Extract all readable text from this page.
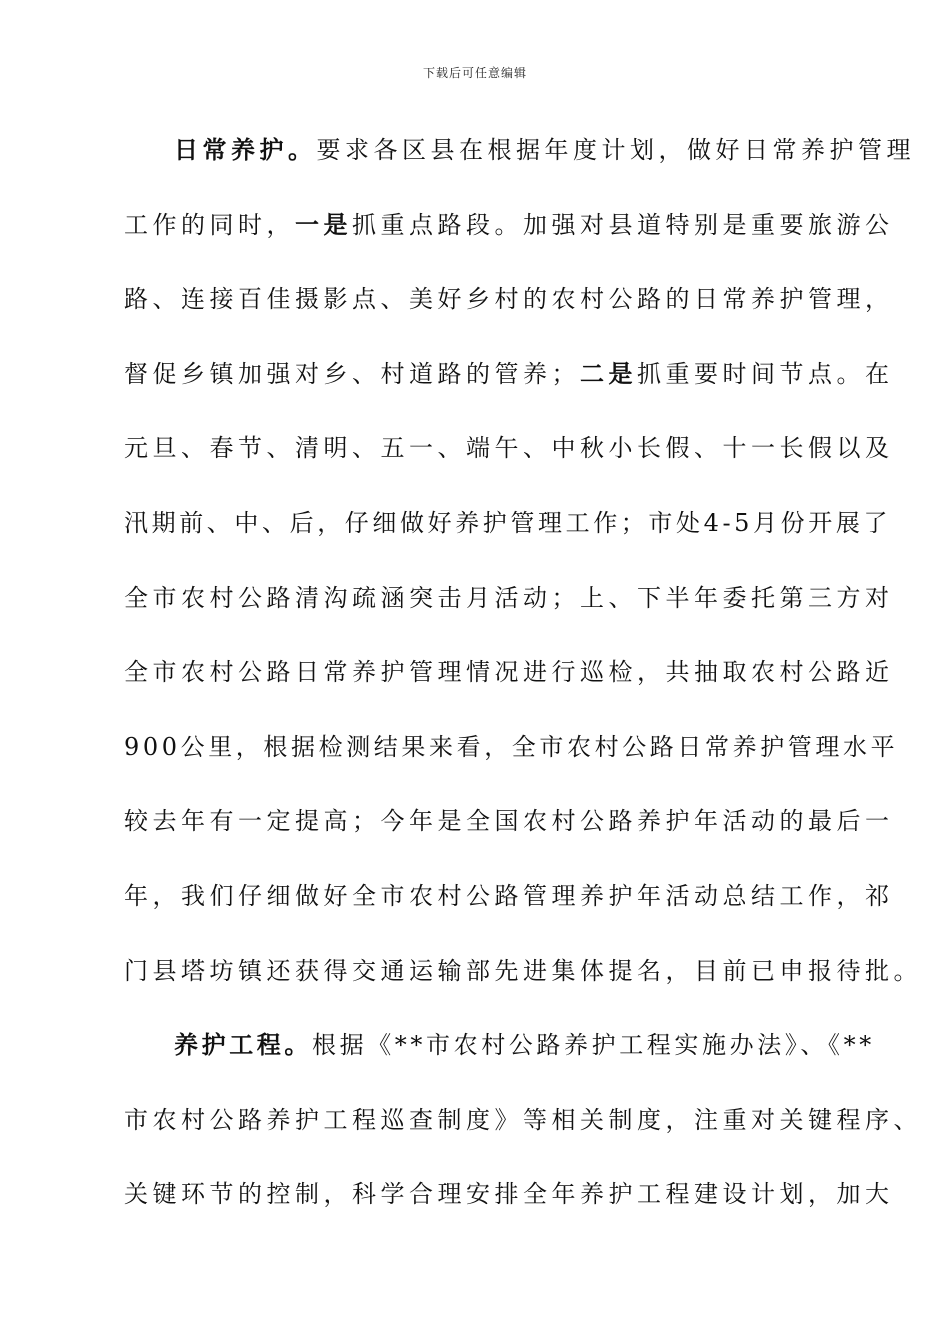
下载后可任意编辑
日常养护。要求各区县在根据年度计划，做好日常养护管理
工作的同时，一是抓重点路段。加强对县道特别是重要旅游公
路、连接百佳摄影点、美好乡村的农村公路的日常养护管理，
督促乡镇加强对乡、村道路的管养；二是抓重要时间节点。在
元旦、春节、清明、五一、端午、中秋小长假、十一长假以及
汛期前、中、后，仔细做好养护管理工作；市处4-5月份开展了
全市农村公路清沟疏涵突击月活动；上、下半年委托第三方对
全市农村公路日常养护管理情况进行巡检，共抽取农村公路近
900公里，根据检测结果来看，全市农村公路日常养护管理水平
较去年有一定提高；今年是全国农村公路养护年活动的最后一
年，我们仔细做好全市农村公路管理养护年活动总结工作，祁
门县塔坊镇还获得交通运输部先进集体提名，目前已申报待批。
养护工程。根据《**市农村公路养护工程实施办法》、《**
市农村公路养护工程巡查制度》等相关制度，注重对关键程序、
关键环节的控制，科学合理安排全年养护工程建设计划，加大
